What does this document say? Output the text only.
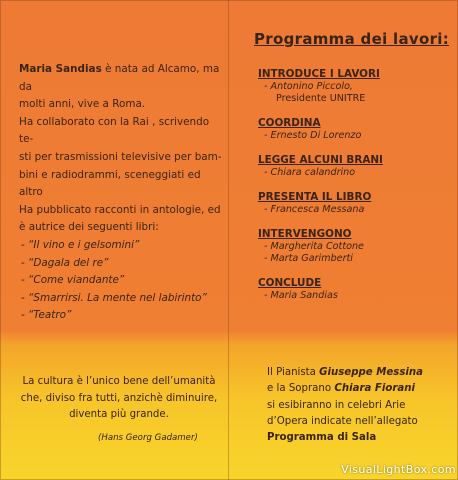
Maria Sandias è nata ad Alcamo, ma da

molti anni, vive a Roma.

Ha collaborato con la Rai , scrivendo te-

sti per trasmissioni televisive per bam-

bini e radiodrammi, sceneggiati ed altro

Ha pubblicato racconti in antologie, ed

è autrice dei seguenti libri:

- “Il vino e i gelsomini”
- “Dagala del re”
- “Come viandante”
- “Smarrirsi. La mente nel labirinto”
- “Teatro”
Programma dei lavori:
INTRODUCE I LAVORI
- Antonino Piccolo,
Presidente UNITRE
COORDINA
- Ernesto Di Lorenzo
LEGGE ALCUNI BRANI
- Chiara calandrino
PRESENTA IL LIBRO
- Francesca Messana
INTERVENGONO
- Margherita Cottone
- Marta Garimberti
CONCLUDE
- Maria Sandias

La cultura è l’unico bene dell’umanità

che, diviso fra tutti, anzichè diminuire,

diventa più grande.

(Hans Georg Gadamer)

Il Pianista Giuseppe Messina

e la Soprano Chiara Fiorani

si esibiranno in celebri Arie

d’Opera indicate nell’allegato

Programma di Sala

VisualLightBox.com
